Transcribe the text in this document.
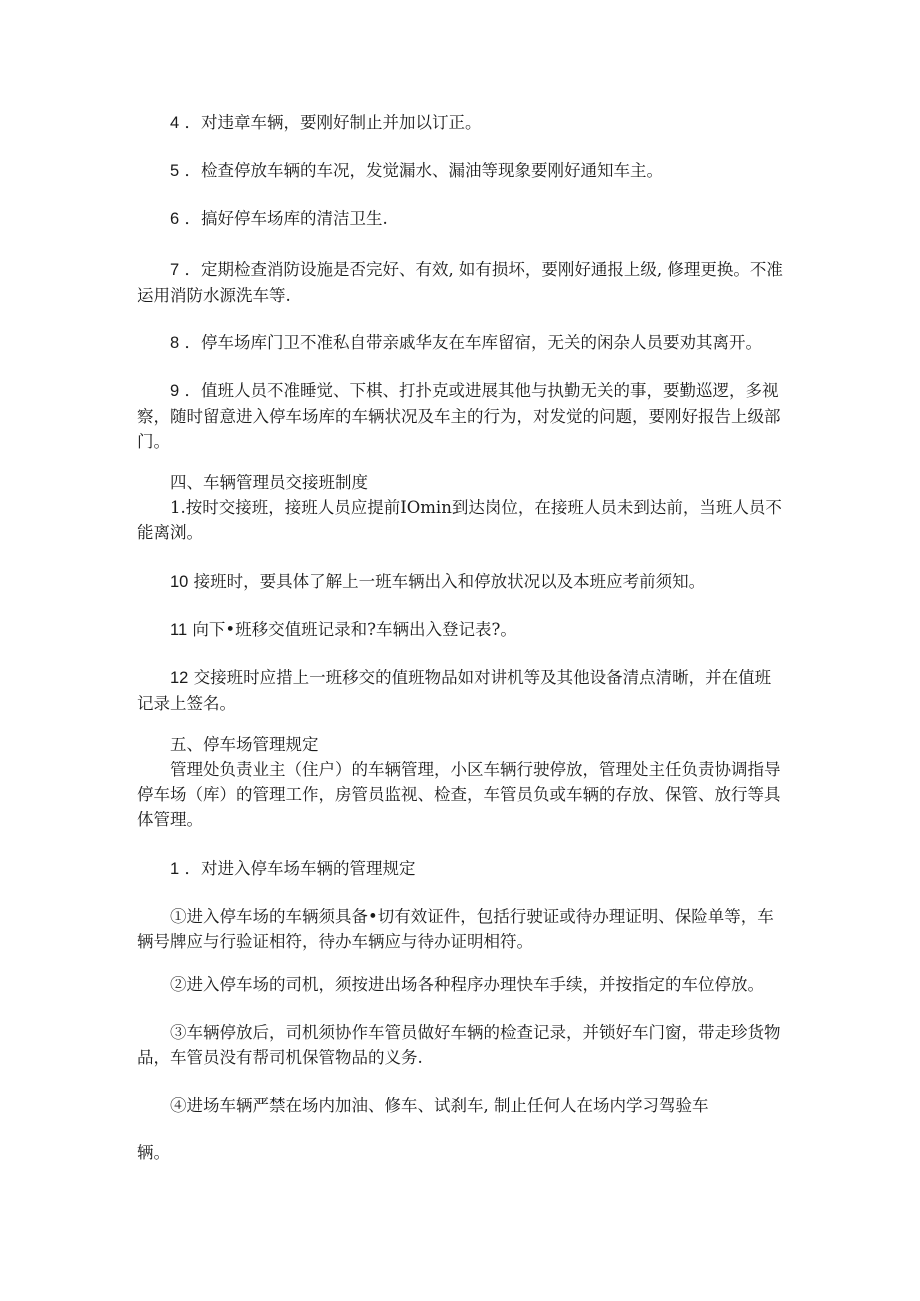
4 ．对违章车辆，要刚好制止并加以订正。

5 ．检查停放车辆的车况，发觉漏水、漏油等现象要刚好通知车主。

6 ．搞好停车场库的清洁卫生.

7 ．定期检查消防设施是否完好、有效, 如有损坏，要刚好通报上级, 修理更换。不准运用消防水源洗车等.

8 ．停车场库门卫不准私自带亲戚华友在车库留宿，无关的闲杂人员要劝其离开。

9 ．值班人员不准睡觉、下棋、打扑克或进展其他与执勤无关的事，要勤巡逻，多视察，随时留意进入停车场库的车辆状况及车主的行为，对发觉的问题，要刚好报告上级部门。

四、车辆管理员交接班制度

1.按时交接班，接班人员应提前IOmin到达岗位，在接班人员未到达前，当班人员不能离浏。

10 接班时，要具体了解上一班车辆出入和停放状况以及本班应考前须知。

11 向下•班移交值班记录和?车辆出入登记表?。

12 交接班时应措上一班移交的值班物品如对讲机等及其他设备清点清晰，并在值班记录上签名。

五、停车场管理规定

管理处负责业主（住户）的车辆管理，小区车辆行驶停放，管理处主任负责协调指导停车场（库）的管理工作，房管员监视、检查，车管员负或车辆的存放、保管、放行等具体管理。

1 ．对进入停车场车辆的管理规定

①进入停车场的车辆须具备•切有效证件，包括行驶证或待办理证明、保险单等，车辆号牌应与行验证相符，待办车辆应与待办证明相符。

②进入停车场的司机，须按进出场各种程序办理快车手续，并按指定的车位停放。

③车辆停放后，司机须协作车管员做好车辆的检查记录，并锁好车门窗，带走珍货物品，车管员没有帮司机保管物品的义务.

④进场车辆严禁在场内加油、修车、试刹车, 制止任何人在场内学习驾验车

辆。
